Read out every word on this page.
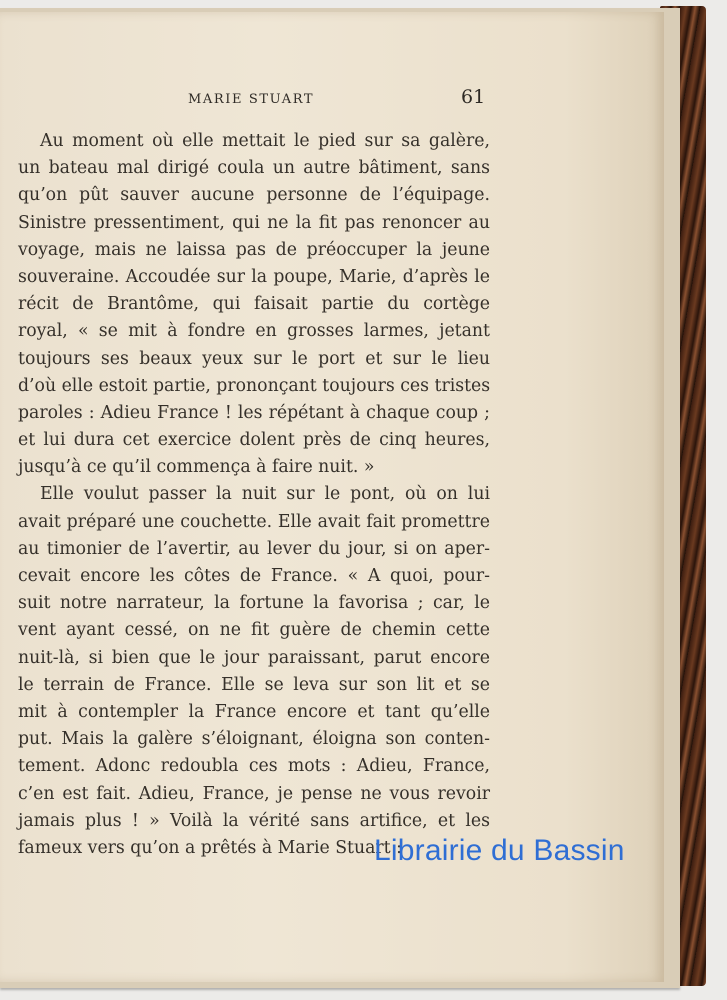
MARIE STUART	61
Au moment où elle mettait le pied sur sa galère,
un bateau mal dirigé coula un autre bâtiment, sans
qu’on pût sauver aucune personne de l’équipage.
Sinistre pressentiment, qui ne la fit pas renoncer au
voyage, mais ne laissa pas de préoccuper la jeune
souveraine. Accoudée sur la poupe, Marie, d’après le
récit de Brantôme, qui faisait partie du cortège
royal, « se mit à fondre en grosses larmes, jetant
toujours ses beaux yeux sur le port et sur le lieu
d’où elle estoit partie, prononçant toujours ces tristes
paroles : Adieu France ! les répétant à chaque coup ;
et lui dura cet exercice dolent près de cinq heures,
jusqu’à ce qu’il commença à faire nuit. »
Elle voulut passer la nuit sur le pont, où on lui
avait préparé une couchette. Elle avait fait promettre
au timonier de l’avertir, au lever du jour, si on aper-
cevait encore les côtes de France. « A quoi, pour-
suit notre narrateur, la fortune la favorisa ; car, le
vent ayant cessé, on ne fit guère de chemin cette
nuit-là, si bien que le jour paraissant, parut encore
le terrain de France. Elle se leva sur son lit et se
mit à contempler la France encore et tant qu’elle
put. Mais la galère s’éloignant, éloigna son conten-
tement. Adonc redoubla ces mots : Adieu, France,
c’en est fait. Adieu, France, je pense ne vous revoir
jamais plus ! » Voilà la vérité sans artifice, et les
fameux vers qu’on a prêtés à Marie Stuart :
Librairie du Bassin
